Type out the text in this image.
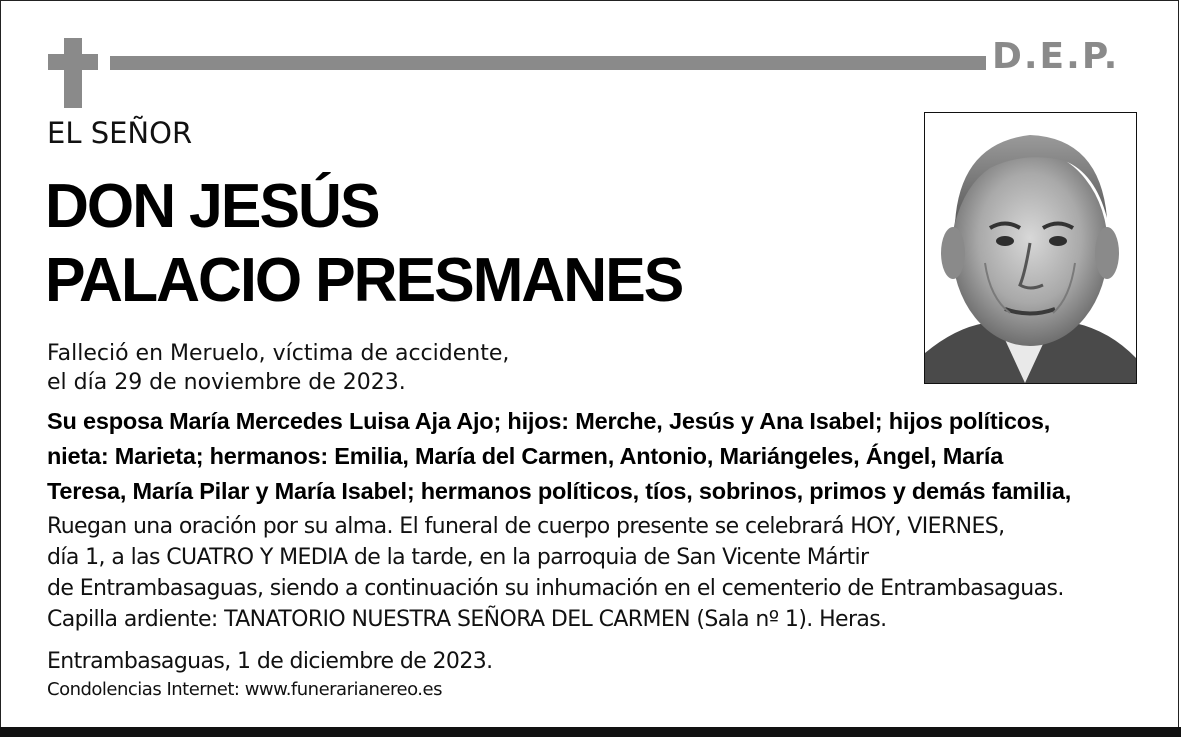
D.E.P.
EL SEÑOR
DON JESÚS
PALACIO PRESMANES
Falleció en Meruelo, víctima de accidente,
el día 29 de noviembre de 2023.
Su esposa María Mercedes Luisa Aja Ajo; hijos: Merche, Jesús y Ana Isabel; hijos políticos,
nieta: Marieta; hermanos: Emilia, María del Carmen, Antonio, Mariángeles, Ángel, María
Teresa, María Pilar y María Isabel; hermanos políticos, tíos, sobrinos, primos y demás familia,
Ruegan una oración por su alma. El funeral de cuerpo presente se celebrará HOY, VIERNES,
día 1, a las CUATRO Y MEDIA de la tarde, en la parroquia de San Vicente Mártir
de Entrambasaguas, siendo a continuación su inhumación en el cementerio de Entrambasaguas.
Capilla ardiente: TANATORIO NUESTRA SEÑORA DEL CARMEN (Sala nº 1). Heras.
Entrambasaguas, 1 de diciembre de 2023.
Condolencias Internet: www.funerarianereo.es
